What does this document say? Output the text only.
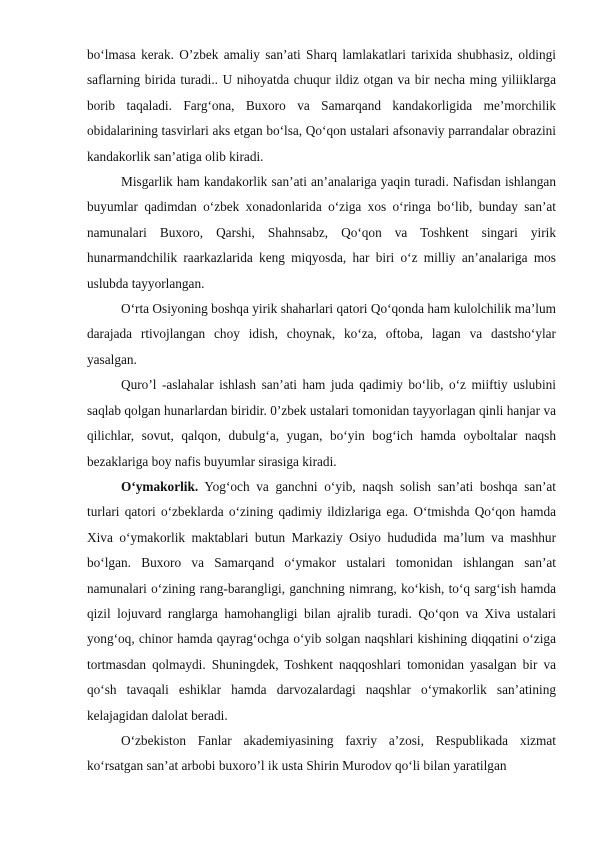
bo‘lmasa kerak. O’zbek amaliy san’ati Sharq lamlakatlari tarixida shubhasiz, oldingi saflarning birida turadi.. U nihoyatda chuqur ildiz otgan va bir necha ming yiliiklarga borib taqaladi. Farg‘ona, Buxoro va Samarqand kandakorligida me’morchilik obidalarining tasvirlari aks etgan bo‘lsa, Qo‘qon ustalari afsonaviy parrandalar obrazini kandakorlik san’atiga olib kiradi.

Misgarlik ham kandakorlik san’ati an’analariga yaqin turadi. Nafisdan ishlangan buyumlar qadimdan o‘zbek xonadonlarida o‘ziga xos o‘ringa bo‘lib, bunday san’at namunalari Buxoro, Qarshi, Shahnsabz, Qo‘qon va Toshkent singari yirik hunarmandchilik raarkazlarida keng miqyosda, har biri o‘z milliy an’analariga mos uslubda tayyorlangan.

O‘rta Osiyoning boshqa yirik shaharlari qatori Qo‘qonda ham kulolchilik ma’lum darajada rtivojlangan choy idish, choynak, ko‘za, oftoba, lagan va dastsho‘ylar yasalgan.

Quro’l -aslahalar ishlash san’ati ham juda qadimiy bo‘lib, o‘z miiftiy uslubini saqlab qolgan hunarlardan biridir. 0’zbek ustalari tomonidan tayyorlagan qinli hanjar va qilichlar, sovut, qalqon, dubulg‘a, yugan, bo‘yin bog‘ich hamda oyboltalar naqsh bezaklariga boy nafis buyumlar sirasiga kiradi.

O‘ymakorlik. Yog‘och va ganchni o‘yib, naqsh solish san’ati boshqa san’at turlari qatori o‘zbeklarda o‘zining qadimiy ildizlariga ega. O‘tmishda Qo‘qon hamda Xiva o‘ymakorlik maktablari butun Markaziy Osiyo hududida ma’lum va mashhur bo‘lgan. Buxoro va Samarqand o‘ymakor ustalari tomonidan ishlangan san’at namunalari o‘zining rang-barangligi, ganchning nimrang, ko‘kish, to‘q sarg‘ish hamda qizil lojuvard ranglarga hamohangligi bilan ajralib turadi. Qo‘qon va Xiva ustalari yong‘oq, chinor hamda qayrag‘ochga o‘yib solgan naqshlari kishining diqqatini o‘ziga tortmasdan qolmaydi. Shuningdek, Toshkent naqqoshlari tomonidan yasalgan bir va qo‘sh tavaqali eshiklar hamda darvozalardagi naqshlar o‘ymakorlik san’atining kelajagidan dalolat beradi.

O‘zbekiston Fanlar akademiyasining faxriy a’zosi, Respublikada xizmat ko‘rsatgan san’at arbobi buxoro’l ik usta Shirin Murodov qo‘li bilan yaratilgan
